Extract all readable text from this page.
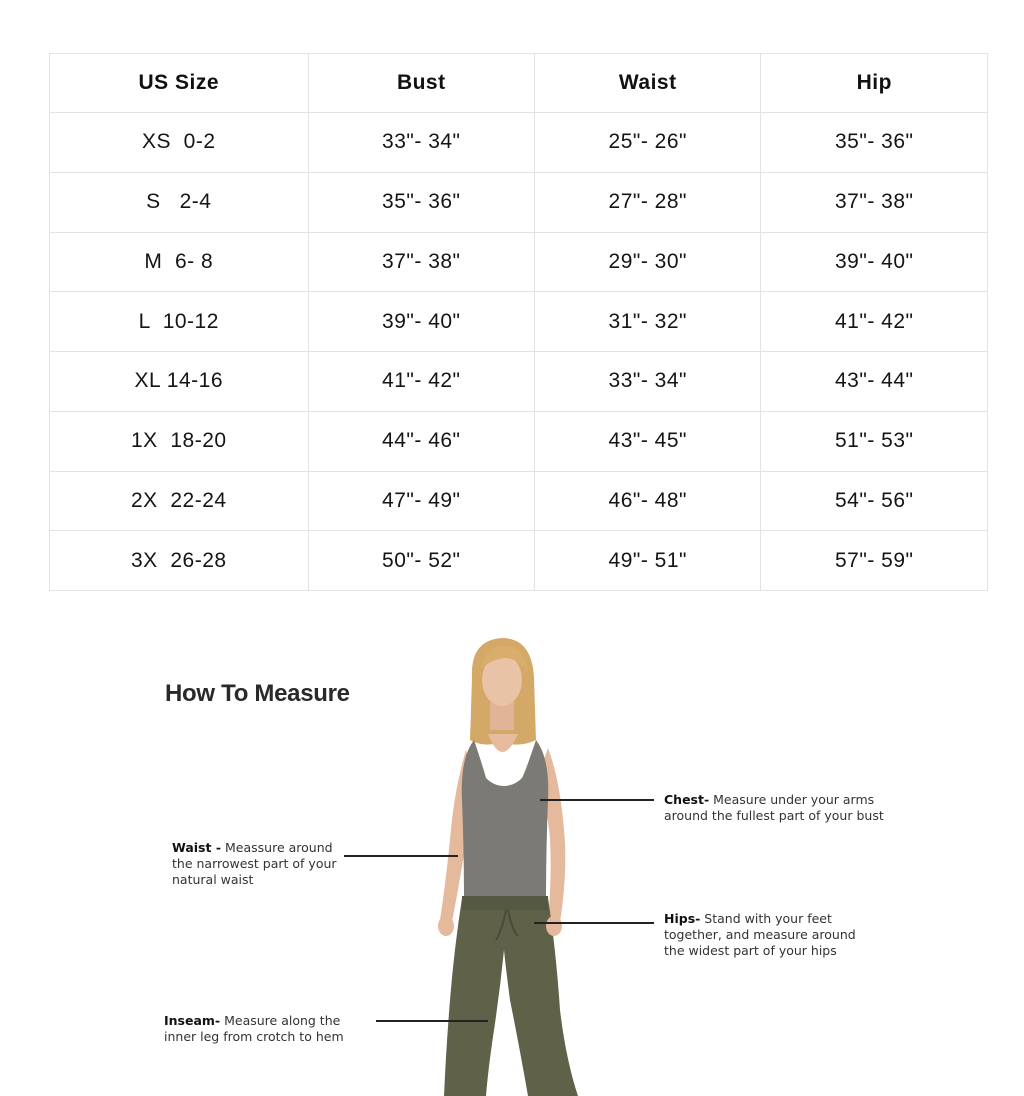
US Size	Bust	Waist	Hip
XS  0-2	33"- 34"	25"- 26"	35"- 36"
S   2-4	35"- 36"	27"- 28"	37"- 38"
M  6- 8	37"- 38"	29"- 30"	39"- 40"
L  10-12	39"- 40"	31"- 32"	41"- 42"
XL 14-16	41"- 42"	33"- 34"	43"- 44"
1X  18-20	44"- 46"	43"- 45"	51"- 53"
2X  22-24	47"- 49"	46"- 48"	54"- 56"
3X  26-28	50"- 52"	49"- 51"	57"- 59"
How To Measure
Chest- Measure under your arms around the fullest part of your bust
Waist - Meassure around the narrowest part of your natural waist
Hips- Stand with your feet together, and measure around the widest part of your hips
Inseam- Measure along the inner leg from crotch to hem
